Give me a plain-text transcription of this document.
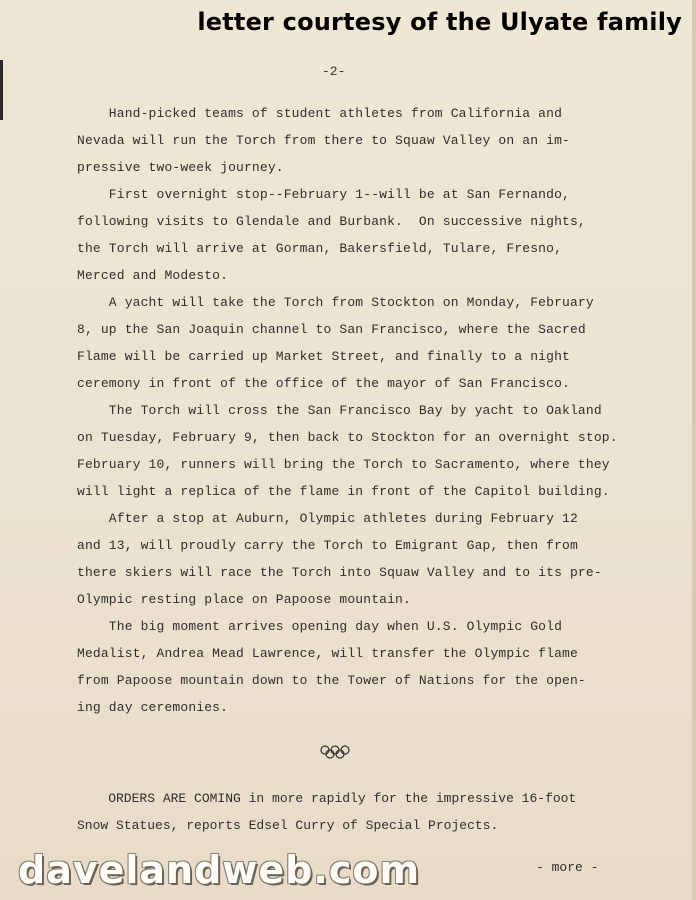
letter courtesy of the Ulyate family
-2-
Hand-picked teams of student athletes from California and
Nevada will run the Torch from there to Squaw Valley on an im-
pressive two-week journey.
First overnight stop--February 1--will be at San Fernando,
following visits to Glendale and Burbank.  On successive nights,
the Torch will arrive at Gorman, Bakersfield, Tulare, Fresno,
Merced and Modesto.
A yacht will take the Torch from Stockton on Monday, February
8, up the San Joaquin channel to San Francisco, where the Sacred
Flame will be carried up Market Street, and finally to a night
ceremony in front of the office of the mayor of San Francisco.
The Torch will cross the San Francisco Bay by yacht to Oakland
on Tuesday, February 9, then back to Stockton for an overnight stop.
February 10, runners will bring the Torch to Sacramento, where they
will light a replica of the flame in front of the Capitol building.
After a stop at Auburn, Olympic athletes during February 12
and 13, will proudly carry the Torch to Emigrant Gap, then from
there skiers will race the Torch into Squaw Valley and to its pre-
Olympic resting place on Papoose mountain.
The big moment arrives opening day when U.S. Olympic Gold
Medalist, Andrea Mead Lawrence, will transfer the Olympic flame
from Papoose mountain down to the Tower of Nations for the open-
ing day ceremonies.
ORDERS ARE COMING in more rapidly for the impressive 16-foot
Snow Statues, reports Edsel Curry of Special Projects.
- more -
davelandweb.com
